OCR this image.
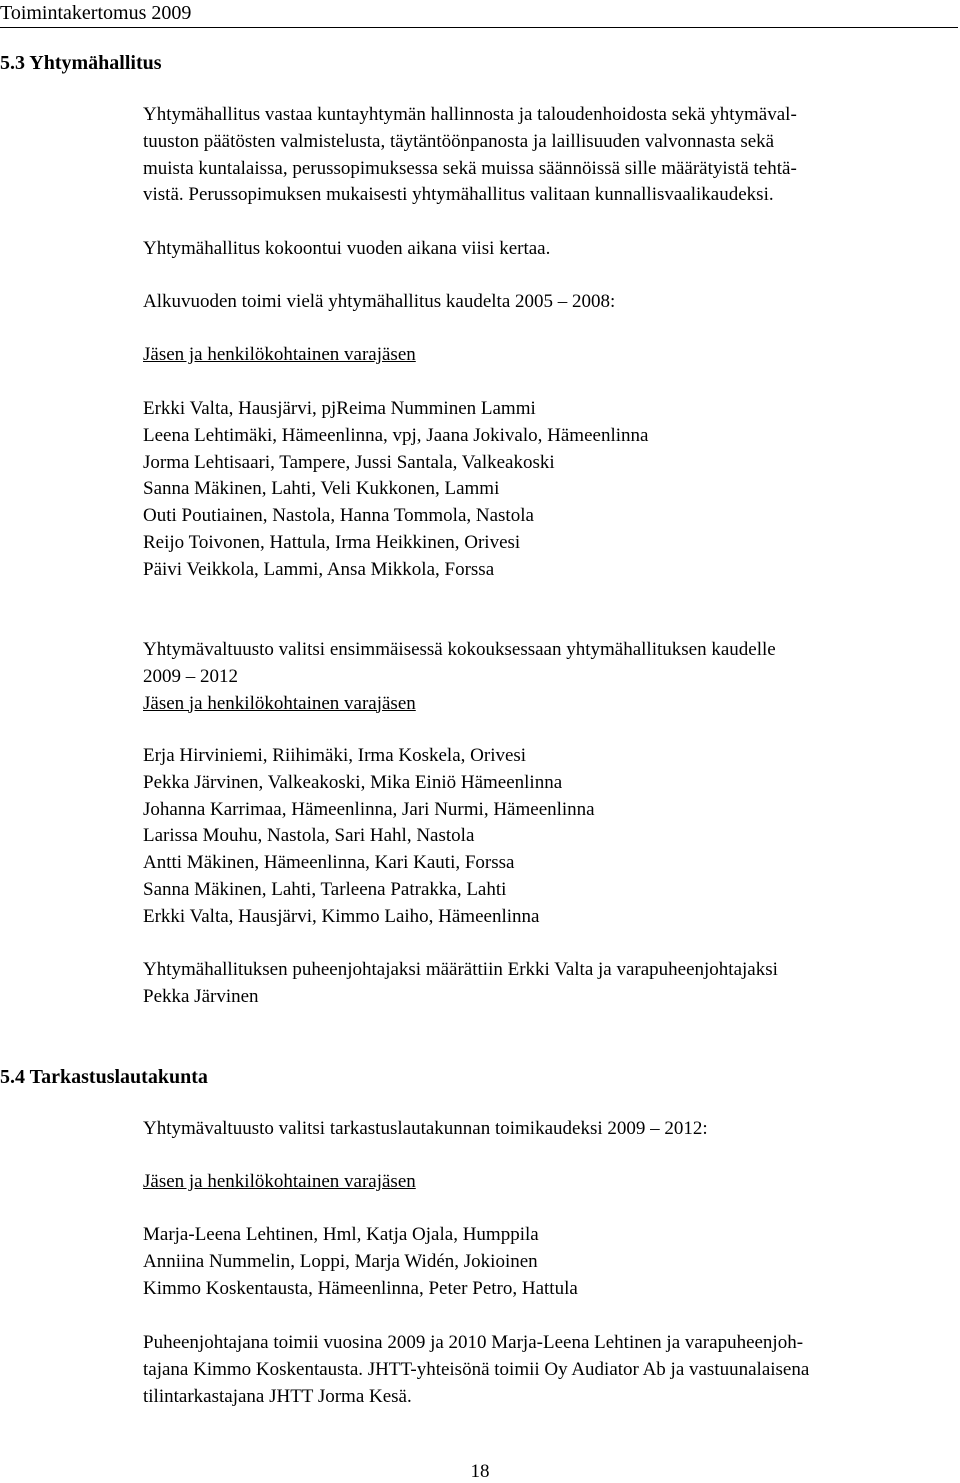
Toimintakertomus 2009
5.3 Yhtymähallitus
Yhtymähallitus vastaa kuntayhtymän hallinnosta ja taloudenhoidosta sekä yhtymäval-
tuuston päätösten valmistelusta, täytäntöönpanosta ja laillisuuden valvonnasta sekä
muista kuntalaissa, perussopimuksessa sekä muissa säännöissä sille määrätyistä tehtä-
vistä. Perussopimuksen mukaisesti yhtymähallitus valitaan kunnallisvaalikaudeksi.
Yhtymähallitus kokoontui vuoden aikana viisi kertaa.
Alkuvuoden toimi vielä yhtymähallitus kaudelta 2005 – 2008:
Jäsen ja henkilökohtainen varajäsen
Erkki Valta, Hausjärvi, pjReima Numminen Lammi
Leena Lehtimäki, Hämeenlinna, vpj, Jaana Jokivalo, Hämeenlinna
Jorma Lehtisaari, Tampere, Jussi Santala, Valkeakoski
Sanna Mäkinen, Lahti, Veli Kukkonen, Lammi
Outi Poutiainen, Nastola, Hanna Tommola, Nastola
Reijo Toivonen, Hattula, Irma Heikkinen, Orivesi
Päivi Veikkola, Lammi, Ansa Mikkola, Forssa
Yhtymävaltuusto valitsi ensimmäisessä kokouksessaan yhtymähallituksen kaudelle
2009 – 2012
Jäsen ja henkilökohtainen varajäsen
Erja Hirviniemi, Riihimäki, Irma Koskela, Orivesi
Pekka Järvinen, Valkeakoski, Mika Einiö Hämeenlinna
Johanna Karrimaa, Hämeenlinna, Jari Nurmi, Hämeenlinna
Larissa Mouhu, Nastola, Sari Hahl, Nastola
Antti Mäkinen, Hämeenlinna, Kari Kauti, Forssa
Sanna Mäkinen, Lahti, Tarleena Patrakka, Lahti
Erkki Valta, Hausjärvi, Kimmo Laiho, Hämeenlinna
Yhtymähallituksen puheenjohtajaksi määrättiin Erkki Valta ja varapuheenjohtajaksi
Pekka Järvinen
5.4 Tarkastuslautakunta
Yhtymävaltuusto valitsi tarkastuslautakunnan toimikaudeksi 2009 – 2012:
Jäsen ja henkilökohtainen varajäsen
Marja-Leena Lehtinen, Hml, Katja Ojala, Humppila
Anniina Nummelin, Loppi, Marja Widén, Jokioinen
Kimmo Koskentausta, Hämeenlinna, Peter Petro, Hattula
Puheenjohtajana toimii vuosina 2009 ja 2010 Marja-Leena Lehtinen ja varapuheenjoh-
tajana Kimmo Koskentausta. JHTT-yhteisönä toimii Oy Audiator Ab ja vastuunalaisena
tilintarkastajana JHTT Jorma Kesä.
18
